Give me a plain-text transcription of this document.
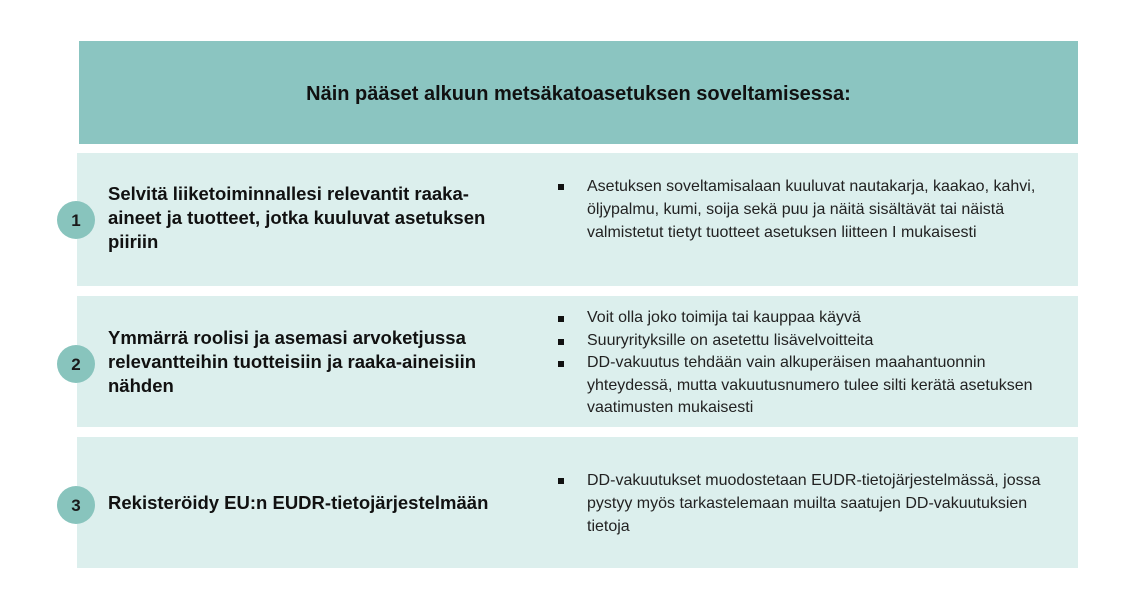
Näin pääset alkuun metsäkatoasetuksen soveltamisessa:
1
Selvitä liiketoiminnallesi relevantit raaka-aineet ja tuotteet, jotka kuuluvat asetuksen piiriin
Asetuksen soveltamisalaan kuuluvat nautakarja, kaakao, kahvi, öljypalmu, kumi, soija sekä puu ja näitä sisältävät tai näistä valmistetut tietyt tuotteet asetuksen liitteen I mukaisesti
2
Ymmärrä roolisi ja asemasi arvoketjussa relevantteihin tuotteisiin ja raaka-aineisiin nähden
Voit olla joko toimija tai kauppaa käyvä
Suuryrityksille on asetettu lisävelvoitteita
DD-vakuutus tehdään vain alkuperäisen maahantuonnin yhteydessä, mutta vakuutusnumero tulee silti kerätä asetuksen vaatimusten mukaisesti
3	Rekisteröidy EU:n EUDR-tietojärjestelmään
DD-vakuutukset muodostetaan EUDR-tietojärjestelmässä, jossa pystyy myös tarkastelemaan muilta saatujen DD-vakuutuksien tietoja
